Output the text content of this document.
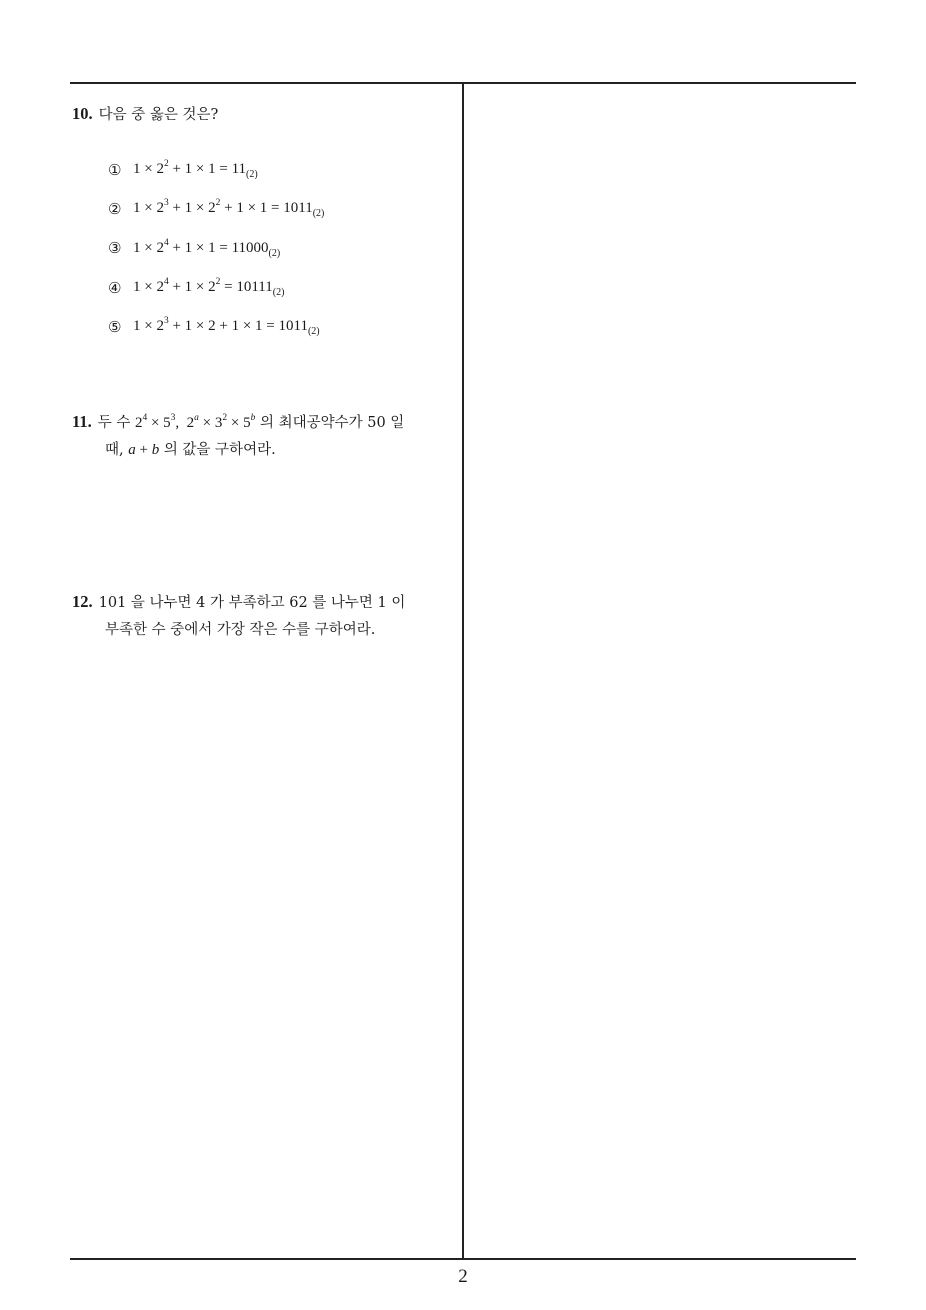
10. 다음 중 옳은 것은?
① $1 \times 2^2 + 1 \times 1 = 11_{(2)}$
② $1 \times 2^3 + 1 \times 2^2 + 1 \times 1 = 1011_{(2)}$
③ $1 \times 2^4 + 1 \times 1 = 11000_{(2)}$
④ $1 \times 2^4 + 1 \times 2^2 = 10111_{(2)}$
⑤ $1 \times 2^3 + 1 \times 2 + 1 \times 1 = 1011_{(2)}$
11. 두 수 $2^4 \times 5^3$,  $2^a \times 3^2 \times 5^b$ 의 최대공약수가 50 일
때, a + b 의 값을 구하여라.
12. 101 을 나누면 4 가 부족하고 62 를 나누면 1 이
부족한 수 중에서 가장 작은 수를 구하여라.
2
